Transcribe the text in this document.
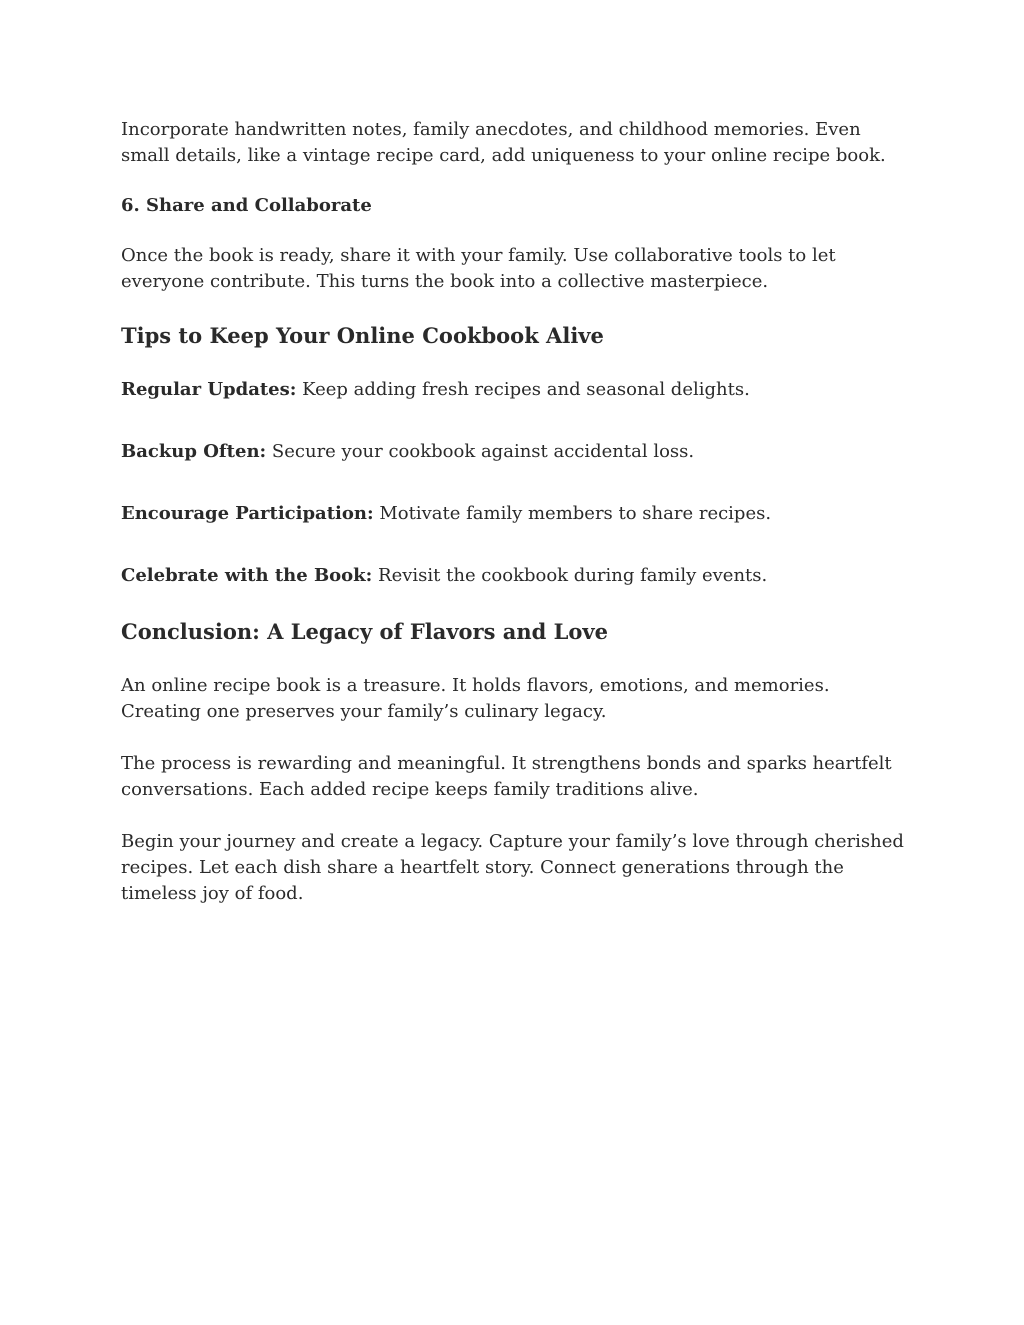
Incorporate handwritten notes, family anecdotes, and childhood memories. Even small details, like a vintage recipe card, add uniqueness to your online recipe book.

6. Share and Collaborate

Once the book is ready, share it with your family. Use collaborative tools to let everyone contribute. This turns the book into a collective masterpiece.

Tips to Keep Your Online Cookbook Alive
Regular Updates: Keep adding fresh recipes and seasonal delights.
Backup Often: Secure your cookbook against accidental loss.
Encourage Participation: Motivate family members to share recipes.
Celebrate with the Book: Revisit the cookbook during family events.
Conclusion: A Legacy of Flavors and Love

An online recipe book is a treasure. It holds flavors, emotions, and memories. Creating one preserves your family’s culinary legacy.

The process is rewarding and meaningful. It strengthens bonds and sparks heartfelt conversations. Each added recipe keeps family traditions alive.

Begin your journey and create a legacy. Capture your family’s love through cherished recipes. Let each dish share a heartfelt story. Connect generations through the timeless joy of food.
